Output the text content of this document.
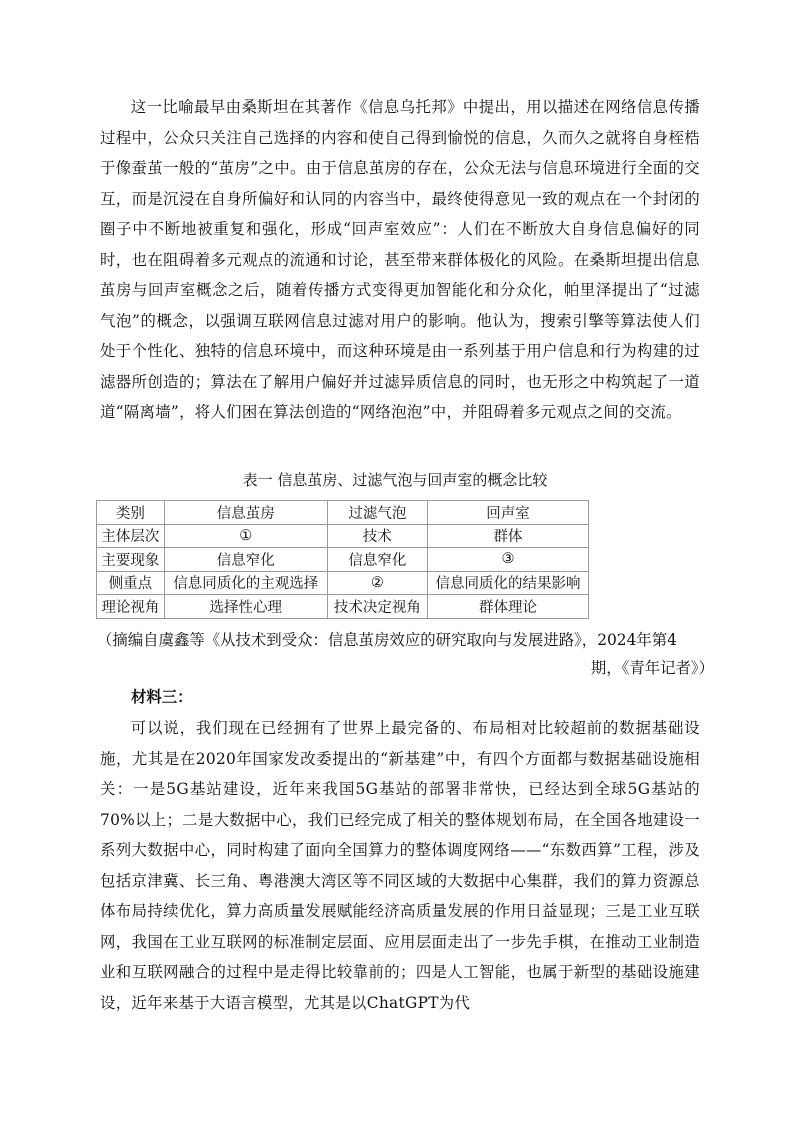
这一比喻最早由桑斯坦在其著作《信息乌托邦》中提出，用以描述在网络信息传播过程中，公众只关注自己选择的内容和使自己得到愉悦的信息，久而久之就将自身桎梏于像蚕茧一般的“茧房”之中。由于信息茧房的存在，公众无法与信息环境进行全面的交互，而是沉浸在自身所偏好和认同的内容当中，最终使得意见一致的观点在一个封闭的圈子中不断地被重复和强化，形成“回声室效应”：人们在不断放大自身信息偏好的同时，也在阻碍着多元观点的流通和讨论，甚至带来群体极化的风险。在桑斯坦提出信息茧房与回声室概念之后，随着传播方式变得更加智能化和分众化，帕里泽提出了“过滤气泡”的概念，以强调互联网信息过滤对用户的影响。他认为，搜索引擎等算法使人们处于个性化、独特的信息环境中，而这种环境是由一系列基于用户信息和行为构建的过滤器所创造的；算法在了解用户偏好并过滤异质信息的同时，也无形之中构筑起了一道道“隔离墙”，将人们困在算法创造的“网络泡泡”中，并阻碍着多元观点之间的交流。

表一 信息茧房、过滤气泡与回声室的概念比较

类别	信息茧房	过滤气泡	回声室
主体层次	①	技术	群体
主要现象	信息窄化	信息窄化	③
侧重点	信息同质化的主观选择	②	信息同质化的结果影响
理论视角	选择性心理	技术决定视角	群体理论

（摘编自虞鑫等《从技术到受众：信息茧房效应的研究取向与发展进路》，2024年第4

期，《青年记者》）

材料三：

可以说，我们现在已经拥有了世界上最完备的、布局相对比较超前的数据基础设施，尤其是在2020年国家发改委提出的“新基建”中，有四个方面都与数据基础设施相关：一是5G基站建设，近年来我国5G基站的部署非常快，已经达到全球5G基站的70%以上；二是大数据中心，我们已经完成了相关的整体规划布局，在全国各地建设一系列大数据中心，同时构建了面向全国算力的整体调度网络——“东数西算”工程，涉及包括京津冀、长三角、粤港澳大湾区等不同区域的大数据中心集群，我们的算力资源总体布局持续优化，算力高质量发展赋能经济高质量发展的作用日益显现；三是工业互联网，我国在工业互联网的标准制定层面、应用层面走出了一步先手棋，在推动工业制造业和互联网融合的过程中是走得比较靠前的；四是人工智能，也属于新型的基础设施建设，近年来基于大语言模型，尤其是以ChatGPT为代
